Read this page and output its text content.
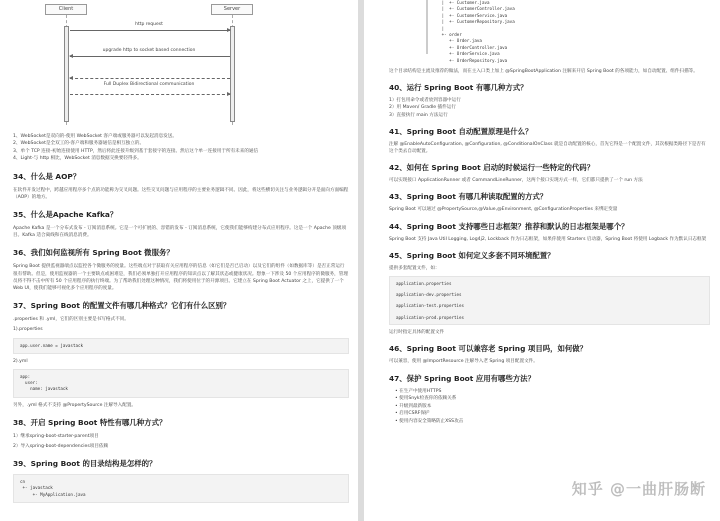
Client	Server
http request
upgrade http to socket based connection
Full Duplex Bidirectional communication
1、WebSocket是双向的-使用 WebSocket 客户端或服务器可以发起消息发送。
2、WebSocket是全双工的-客户端和服务器通信是相互独立的。
3、单个 TCP 连接-初始连接使用 HTTP，然后将此连接升级到基于套接字的连接。然后这个单一连接用于所有未来的通信
4、Light-与 http 相比，WebSocket 消息数据交换要轻得多。
34、什么是 AOP？

在软件开发过程中，跨越应用程序多个点的功能称为交叉问题。这些交叉问题与应用程序的主要业务逻辑不同。因此，将这些横切关注与业务逻辑分开是面向方面编程（AOP）的地方。

35、什么是Apache Kafka？

Apache Kafka 是一个分布式发布 - 订阅消息系统。它是一个可扩展的、容错的发布 - 订阅消息系统，它使我们能够构建分布式应用程序。这是一个 Apache 顶级项目。Kafka 适合离线和在线消息消费。

36、我们如何监视所有 Spring Boot 微服务？

Spring Boot 提供监视器端点以监控各个微服务的度量。这些端点对于获取有关应用程序的信息（如它们是否已启动）以及它们的组件（如数据库等）是否正常运行很有帮助。但是，使用监视器的一个主要缺点或困难是，我们必须单独打开应用程序的知识点以了解其状态或健康状况。想象一下涉及 50 个应用程序的微服务，管理员将不得不击中所有 50 个应用程序的执行终端。为了帮助我们处理这种情况，我们将使用位于的开源项目。它建立在 Spring Boot Actuator 之上，它提供了一个 Web UI，使我们能够可视化多个应用程序的度量。

37、Spring Boot 的配置文件有哪几种格式？它们有什么区别？

.properties 和 .yml，它们的区别主要是书写格式不同。

1).properties

app.user.name = javastack

2).yml

app:
user:
name: javastack

另外，.yml 格式不支持 @PropertySource 注解导入配置。

38、开启 Spring Boot 特性有哪几种方式？

1）继承spring-boot-starter-parent项目

2）导入spring-boot-dependencies项目依赖

39、Spring Boot 的目录结构是怎样的？
cn
+- javastack
+- MyApplication.java
|  +- Customer.java
|  +- CustomerController.java
|  +- CustomerService.java
|  +- CustomerRepository.java
|
+- order
+- Order.java
+- OrderController.java
+- OrderService.java
+- OrderRepository.java

这个目录结构是主流及推荐的做法，而在主入口类上加上 @SpringBootApplication 注解来开启 Spring Boot 的各项能力，如自动配置、组件扫描等。

40、运行 Spring Boot 有哪几种方式？

1）打包用命令或者放到容器中运行

2）用 Maven/ Gradle 插件运行

3）直接执行 main 方法运行

41、Spring Boot 自动配置原理是什么？

注解 @EnableAutoConfiguration, @Configuration, @ConditionalOnClass 就是自动配置的核心，首先它得是一个配置文件，其次根据类路径下是否有这个类去自动配置。

42、如何在 Spring Boot 启动的时候运行一些特定的代码？

可以实现接口 ApplicationRunner 或者 CommandLineRunner，这两个接口实现方式一样，它们都只提供了一个 run 方法

43、Spring Boot 有哪几种读取配置的方式？

Spring Boot 可以通过 @PropertySource,@Value,@Environment, @ConfigurationProperties 来绑定变量

44、Spring Boot 支持哪些日志框架？推荐和默认的日志框架是哪个？

Spring Boot 支持 Java Util Logging, Log4j2, Lockback 作为日志框架，如果你使用 Starters 启动器，Spring Boot 将使用 Logback 作为默认日志框架

45、Spring Boot 如何定义多套不同环境配置？

提供多套配置文件，如：

application.properties

application-dev.properties

application-test.properties

application-prod.properties

运行时指定具体的配置文件

46、Spring Boot 可以兼容老 Spring 项目吗，如何做？

可以兼容，使用 @ImportResource 注解导入老 Spring 项目配置文件。

47、保护 Spring Boot 应用有哪些方法？
• 在生产中使用HTTPS
• 使用Snyk检查你的依赖关系
• 升级到最新版本
• 启用CSRF保护
• 使用内容安全策略防止XSS攻击
知乎 @一曲肝肠断
